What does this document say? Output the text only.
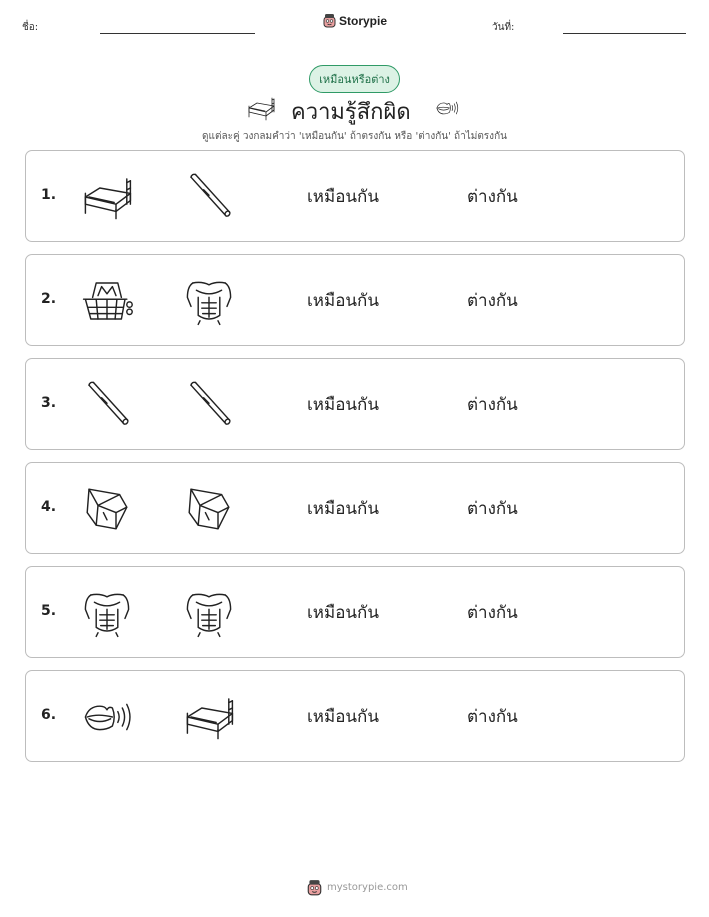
ชื่อ:	Storypie	วันที่:
เหมือนหรือต่าง
ความรู้สึกผิด
ดูแต่ละคู่ วงกลมคำว่า 'เหมือนกัน' ถ้าตรงกัน หรือ 'ต่างกัน' ถ้าไม่ตรงกัน
1.	เหมือนกัน	ต่างกัน
2.	เหมือนกัน	ต่างกัน
3.	เหมือนกัน	ต่างกัน
4.	เหมือนกัน	ต่างกัน
5.	เหมือนกัน	ต่างกัน
6.	เหมือนกัน	ต่างกัน
mystorypie.com
